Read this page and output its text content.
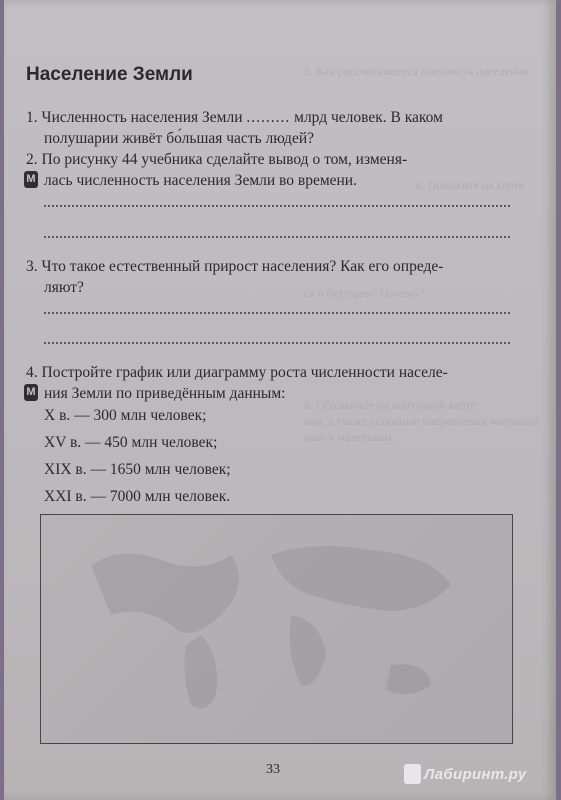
5. Как рассчитывается плотность населения
6. Покажите на карте
ся в будущем? Почему?
8. Обозначьте на контурной карте
ния, а также основные направления миграций
цию к материкам.
Население Земли
1. Численность населения Земли ......... млрд человек. В каком
полушарии живёт бо́льшая часть людей?
2. По рисунку 44 учебника сделайте вывод о том, изменя-
лась численность населения Земли во времени.
М
3. Что такое естественный прирост населения? Как его опреде-
ляют?
4. Постройте график или диаграмму роста численности населе-
ния Земли по приведённым данным:
М
X в. — 300 млн человек;
XV в. — 450 млн человек;
XIX в. — 1650 млн человек;
XXI в. — 7000 млн человек.
33	Лабиринт.ру
